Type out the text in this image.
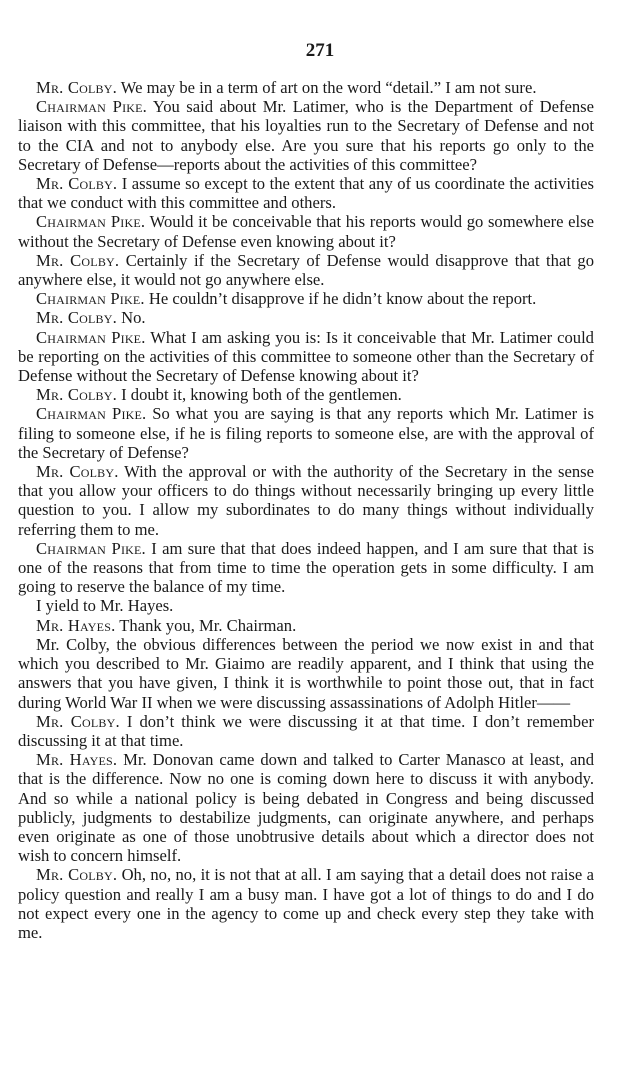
271

Mr. Colby. We may be in a term of art on the word “detail.” I am not sure.

Chairman Pike. You said about Mr. Latimer, who is the Department of Defense liaison with this committee, that his loyalties run to the Secretary of Defense and not to the CIA and not to anybody else. Are you sure that his reports go only to the Secretary of Defense—reports about the activities of this committee?

Mr. Colby. I assume so except to the extent that any of us coordinate the activities that we conduct with this committee and others.

Chairman Pike. Would it be conceivable that his reports would go somewhere else without the Secretary of Defense even knowing about it?

Mr. Colby. Certainly if the Secretary of Defense would disapprove that that go anywhere else, it would not go anywhere else.

Chairman Pike. He couldn’t disapprove if he didn’t know about the report.

Mr. Colby. No.

Chairman Pike. What I am asking you is: Is it conceivable that Mr. Latimer could be reporting on the activities of this committee to someone other than the Secretary of Defense without the Secretary of Defense knowing about it?

Mr. Colby. I doubt it, knowing both of the gentlemen.

Chairman Pike. So what you are saying is that any reports which Mr. Latimer is filing to someone else, if he is filing reports to someone else, are with the approval of the Secretary of Defense?

Mr. Colby. With the approval or with the authority of the Secretary in the sense that you allow your officers to do things without necessarily bringing up every little question to you. I allow my subordinates to do many things without individually referring them to me.

Chairman Pike. I am sure that that does indeed happen, and I am sure that that is one of the reasons that from time to time the operation gets in some difficulty. I am going to reserve the balance of my time.

I yield to Mr. Hayes.

Mr. Hayes. Thank you, Mr. Chairman.

Mr. Colby, the obvious differences between the period we now exist in and that which you described to Mr. Giaimo are readily apparent, and I think that using the answers that you have given, I think it is worthwhile to point those out, that in fact during World War II when we were discussing assassinations of Adolph Hitler——

Mr. Colby. I don’t think we were discussing it at that time. I don’t remember discussing it at that time.

Mr. Hayes. Mr. Donovan came down and talked to Carter Manasco at least, and that is the difference. Now no one is coming down here to discuss it with anybody. And so while a national policy is being debated in Congress and being discussed publicly, judgments to destabilize judgments, can originate anywhere, and perhaps even originate as one of those unobtrusive details about which a director does not wish to concern himself.

Mr. Colby. Oh, no, no, it is not that at all. I am saying that a detail does not raise a policy question and really I am a busy man. I have got a lot of things to do and I do not expect every one in the agency to come up and check every step they take with me.
